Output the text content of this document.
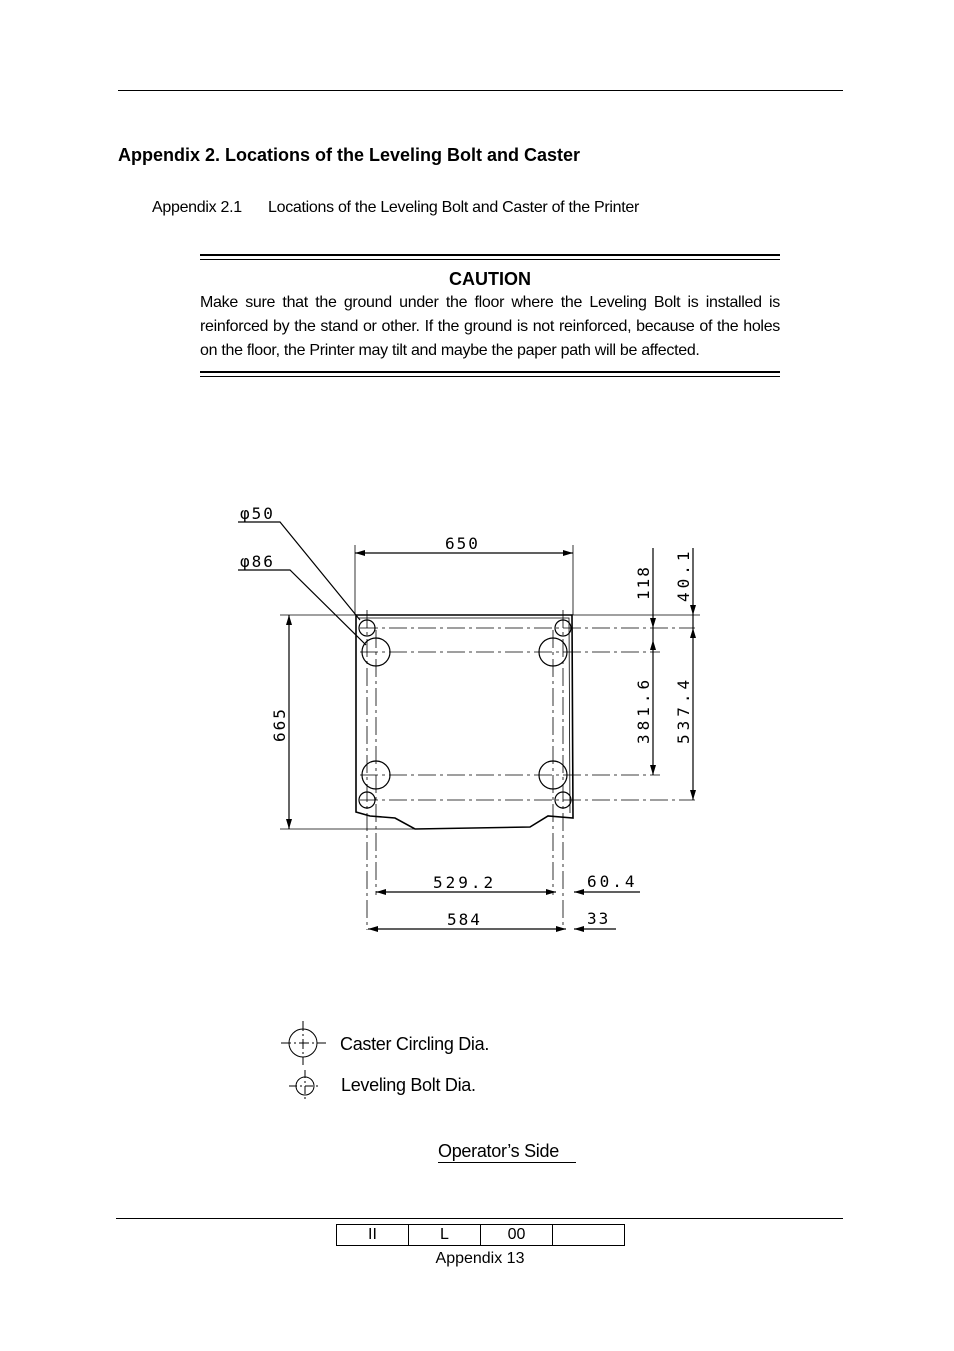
Appendix 2. Locations of the Leveling Bolt and Caster
Appendix 2.1 Locations of the Leveling Bolt and Caster of the Printer
CAUTION
Make sure that the ground under the floor where the Leveling Bolt is installed is reinforced by the stand or other. If the ground is not reinforced, because of the holes on the floor, the Printer may tilt and maybe the paper path will be affected.
φ50
φ86
650
665
118 40.1
381.6 537.4
529.2	60.4
584	33
Caster Circling Dia.
Leveling Bolt Dia.
Operator’s Side
II	L	00	
Appendix 13
